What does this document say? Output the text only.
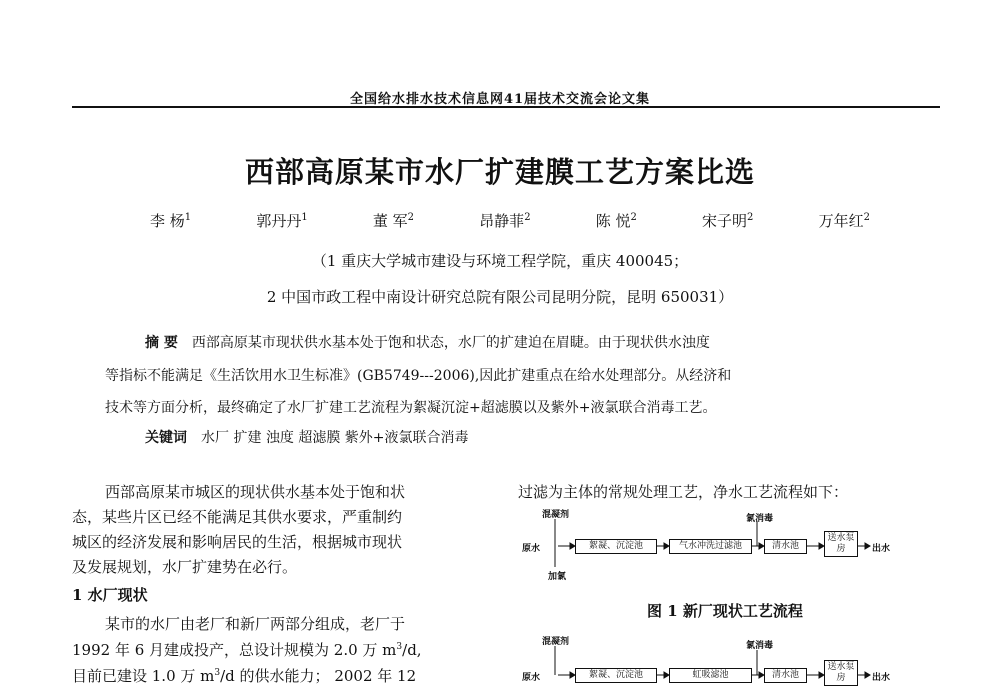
全国给水排水技术信息网41届技术交流会论文集
西部高原某市水厂扩建膜工艺方案比选
李 杨$^1$	郭丹丹$^1$	董 军$^2$	昂静菲$^2$	陈 悦$^2$	宋子明$^2$	万年红$^2$
（1 重庆大学城市建设与环境工程学院，重庆 400045；
2 中国市政工程中南设计研究总院有限公司昆明分院，昆明 650031）
摘 要 西部高原某市现状供水基本处于饱和状态，水厂的扩建迫在眉睫。由于现状供水浊度
等指标不能满足《生活饮用水卫生标准》(GB5749---2006),因此扩建重点在给水处理部分。从经济和
技术等方面分析，最终确定了水厂扩建工艺流程为絮凝沉淀+超滤膜以及紫外+液氯联合消毒工艺。
关键词 水厂 扩建 浊度 超滤膜 紫外+液氯联合消毒
西部高原某市城区的现状供水基本处于饱和状
态，某些片区已经不能满足其供水要求，严重制约
城区的经济发展和影响居民的生活，根据城市现状
及发展规划，水厂扩建势在必行。
1 水厂现状
某市的水厂由老厂和新厂两部分组成，老厂于
1992 年 6 月建成投产，总设计规模为 2.0 万 $m^3/d$,
目前已建设 1.0 万 $m^3/d$ 的供水能力； 2002 年 12
过滤为主体的常规处理工艺，净水工艺流程如下：
混凝剂	氯消毒
加氯
原水	絮凝、沉淀池	气水冲洗过滤池	清水池
送水泵房	出水
图 1 新厂现状工艺流程
混凝剂	氯消毒
原水	絮凝、沉淀池	虹吸滤池	清水池
送水泵房	出水
